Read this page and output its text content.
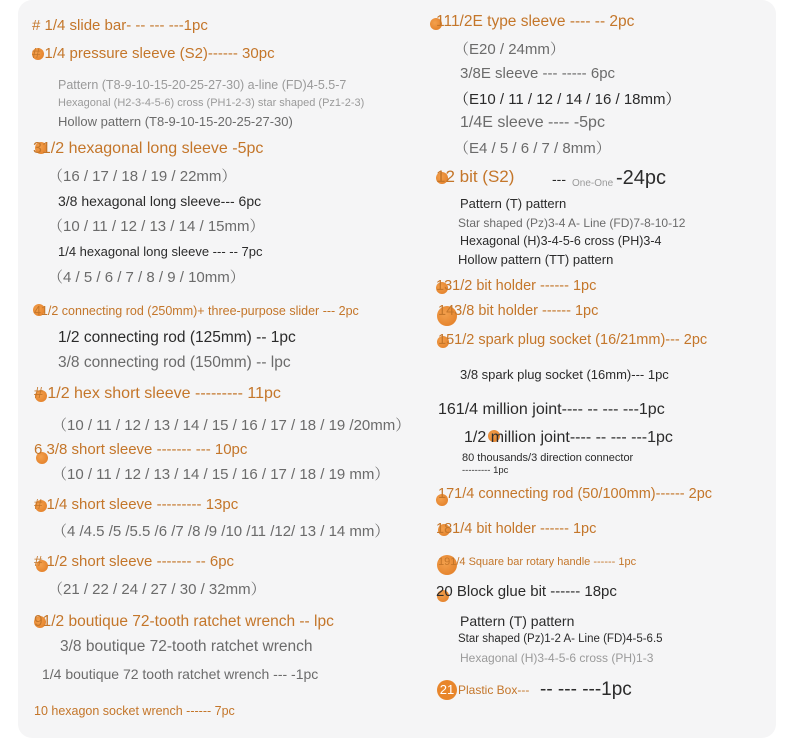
# 1/4 slide bar- -- --- ---1pc
# 1/4 pressure sleeve (S2)------ 30pc
Pattern (T8-9-10-15-20-25-27-30) a-line (FD)4-5.5-7
Hexagonal (H2-3-4-5-6) cross (PH1-2-3) star shaped (Pz1-2-3)
Hollow pattern (T8-9-10-15-20-25-27-30)
31/2 hexagonal long sleeve -5pc
（16 / 17 / 18 / 19 / 22mm）
3/8 hexagonal long sleeve--- 6pc
（10 / 11 / 12 / 13 / 14 / 15mm）
1/4 hexagonal long sleeve --- -- 7pc
（4 / 5 / 6 / 7 / 8 / 9 / 10mm）
41/2 connecting rod (250mm)+ three-purpose slider --- 2pc
1/2 connecting rod (125mm) -- 1pc
3/8 connecting rod (150mm) -- lpc
# 1/2 hex short sleeve --------- 11pc
（10 / 11 / 12 / 13 / 14 / 15 / 16 / 17 / 18 / 19 /20mm）
6 3/8 short sleeve ------- --- 10pc
（10 / 11 / 12 / 13 / 14 / 15 / 16 / 17 / 18 / 19 mm）
# 1/4 short sleeve --------- 13pc
（4 /4.5 /5 /5.5 /6 /7 /8 /9 /10 /11 /12/ 13 / 14 mm）
# 1/2 short sleeve ------- -- 6pc
（21 / 22 / 24 / 27 / 30 / 32mm）
91/2 boutique 72-tooth ratchet wrench -- lpc
3/8 boutique 72-tooth ratchet wrench
1/4 boutique 72 tooth ratchet wrench --- -1pc
10 hexagon socket wrench ------ 7pc
111/2E type sleeve ---- -- 2pc
（E20 / 24mm）
3/8E sleeve --- ----- 6pc
（E10 / 11 / 12 / 14 / 16 / 18mm）
1/4E sleeve ---- -5pc
（E4 / 5 / 6 / 7 / 8mm）
12 bit (S2)	--- One-One -24pc
Pattern (T) pattern
Star shaped (Pz)3-4 A- Line (FD)7-8-10-12
Hexagonal (H)3-4-5-6 cross (PH)3-4
Hollow pattern (TT) pattern
131/2 bit holder ------ 1pc
143/8 bit holder ------ 1pc
151/2 spark plug socket (16/21mm)--- 2pc
3/8 spark plug socket (16mm)--- 1pc
161/4 million joint---- -- --- ---1pc
1/2 million joint---- -- --- ---1pc
80 thousands/3 direction connector
--------- 1pc
171/4 connecting rod (50/100mm)------ 2pc
181/4 bit holder ------ 1pc
191/4 Square bar rotary handle ------ 1pc
20 Block glue bit ------ 18pc
Pattern (T) pattern
Star shaped (Pz)1-2 A- Line (FD)4-5-6.5
Hexagonal (H)3-4-5-6 cross (PH)1-3
21 Plastic Box--- -- --- ---1pc
